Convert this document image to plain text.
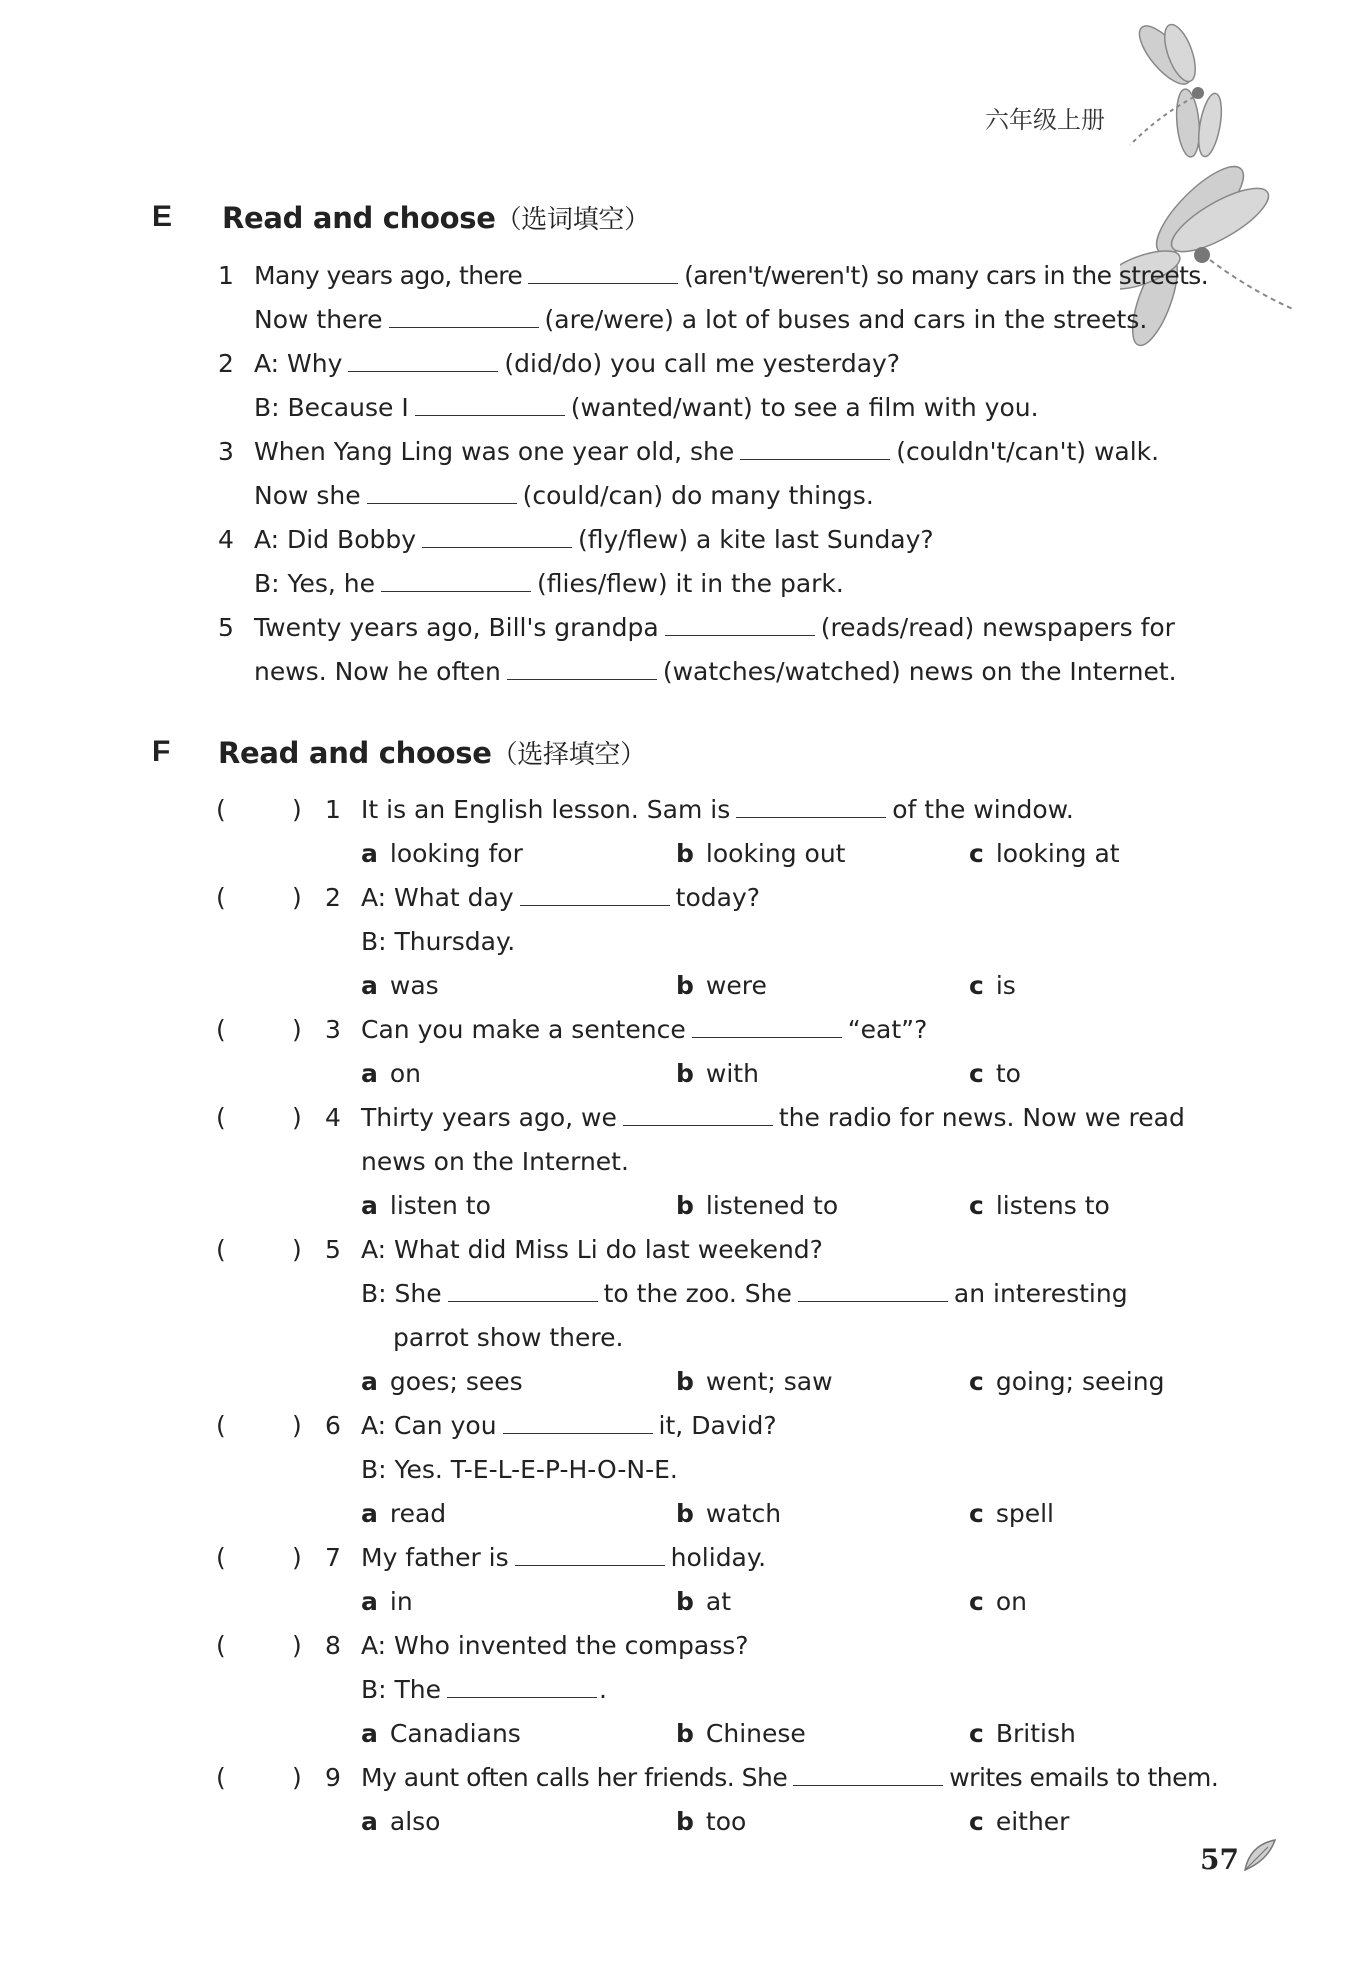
六年级上册
E Read and choose（选词填空）
1 Many years ago, there	(aren't/weren't) so many cars in the streets.
Now there	(are/were) a lot of buses and cars in the streets.
2 A: Why	(did/do) you call me yesterday?
B: Because I	(wanted/want) to see a film with you.
3 When Yang Ling was one year old, she	(couldn't/can't) walk.
Now she	(could/can) do many things.
4 A: Did Bobby	(fly/flew) a kite last Sunday?
B: Yes, he	(flies/flew) it in the park.
5 Twenty years ago, Bill's grandpa	(reads/read) newspapers for
news. Now he often	(watches/watched) news on the Internet.
F Read and choose（选择填空）
(	) 1 It is an English lesson. Sam is	of the window.
a looking for	b looking out	c looking at
(	) 2 A: What day	today?
B: Thursday.
a was	b were	c is
(	) 3 Can you make a sentence	“eat”?
a on	b with	c to
(	) 4 Thirty years ago, we	the radio for news. Now we read
news on the Internet.
a listen to	b listened to	c listens to
(	) 5 A: What did Miss Li do last weekend?
B: She	to the zoo. She	an interesting
parrot show there.
a goes; sees	b went; saw	c going; seeing
(	) 6 A: Can you	it, David?
B: Yes. T-E-L-E-P-H-O-N-E.
a read	b watch	c spell
(	) 7 My father is	holiday.
a in	b at	c on
(	) 8 A: Who invented the compass?
B: The	.
a Canadians	b Chinese	c British
(	) 9 My aunt often calls her friends. She	writes emails to them.
a also	b too	c either
57
